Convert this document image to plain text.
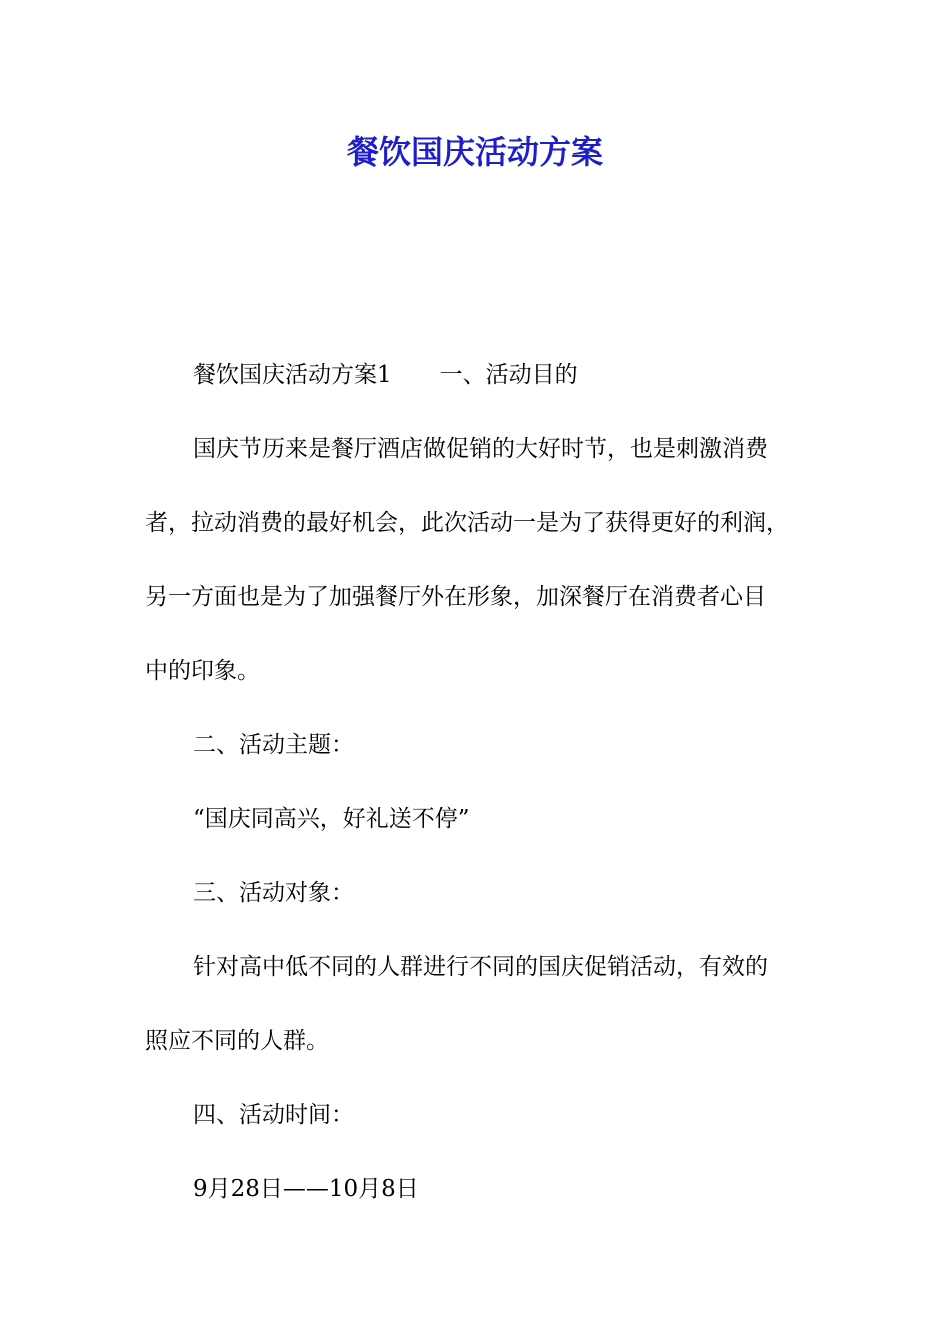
餐饮国庆活动方案
餐饮国庆活动方案1 一、活动目的
国庆节历来是餐厅酒店做促销的大好时节，也是刺激消费
者，拉动消费的最好机会，此次活动一是为了获得更好的利润，
另一方面也是为了加强餐厅外在形象，加深餐厅在消费者心目
中的印象。
二、活动主题：
“国庆同高兴，好礼送不停”
三、活动对象：
针对高中低不同的人群进行不同的国庆促销活动，有效的
照应不同的人群。
四、活动时间：
9月28日——10月8日
